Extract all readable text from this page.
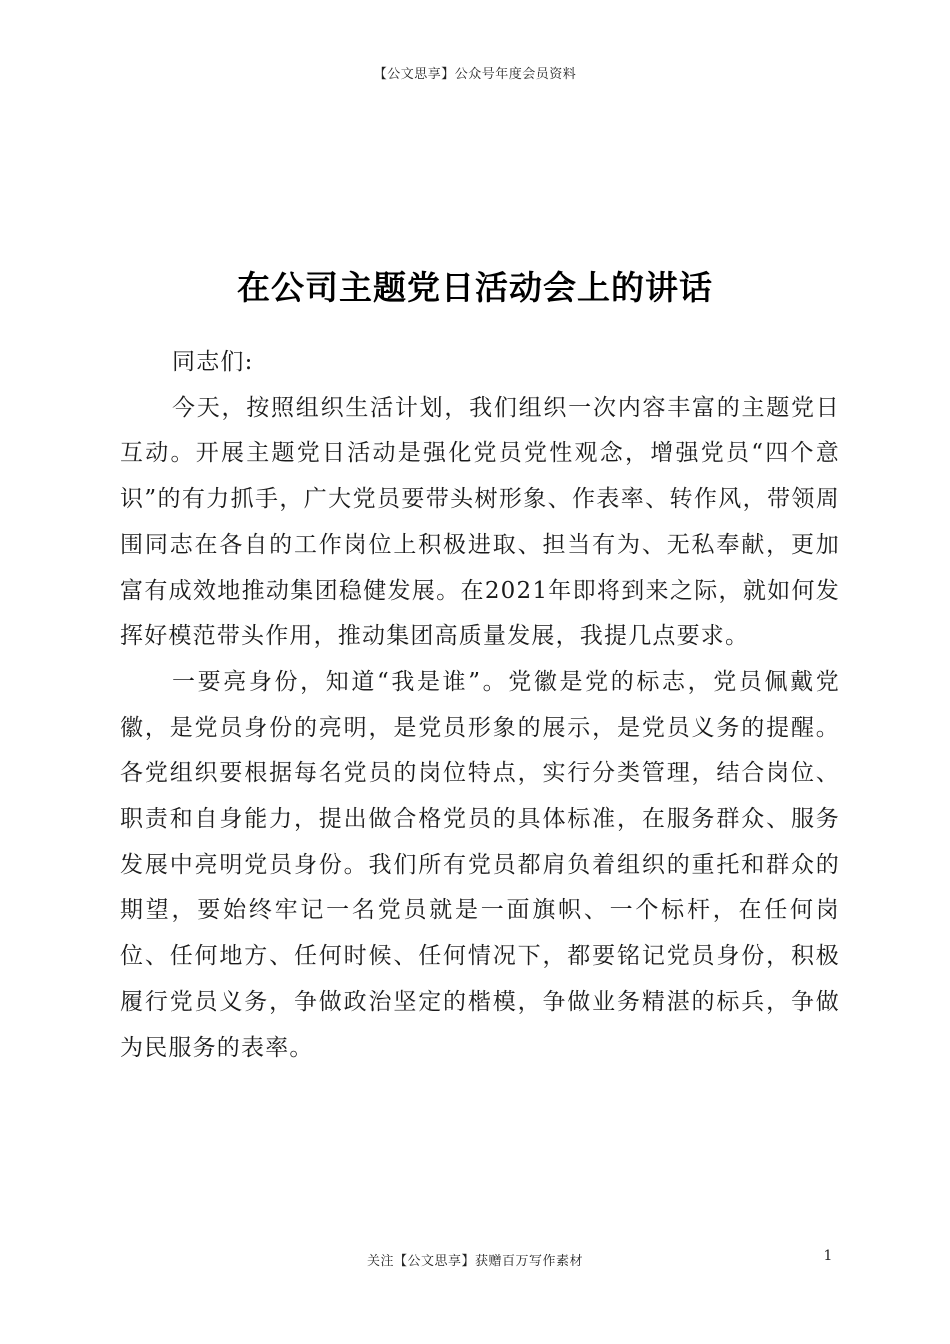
【公文思享】公众号年度会员资料
在公司主题党日活动会上的讲话

同志们:

今天，按照组织生活计划，我们组织一次内容丰富的主题党日互动。开展主题党日活动是强化党员党性观念，增强党员“四个意识”的有力抓手，广大党员要带头树形象、作表率、转作风，带领周围同志在各自的工作岗位上积极进取、担当有为、无私奉献，更加富有成效地推动集团稳健发展。在2021年即将到来之际，就如何发挥好模范带头作用，推动集团高质量发展，我提几点要求。

一要亮身份，知道“我是谁”。党徽是党的标志，党员佩戴党徽，是党员身份的亮明，是党员形象的展示，是党员义务的提醒。各党组织要根据每名党员的岗位特点，实行分类管理，结合岗位、职责和自身能力，提出做合格党员的具体标准，在服务群众、服务发展中亮明党员身份。我们所有党员都肩负着组织的重托和群众的期望，要始终牢记一名党员就是一面旗帜、一个标杆，在任何岗位、任何地方、任何时候、任何情况下，都要铭记党员身份，积极履行党员义务，争做政治坚定的楷模，争做业务精湛的标兵，争做为民服务的表率。

关注【公文思享】获赠百万写作素材	1
